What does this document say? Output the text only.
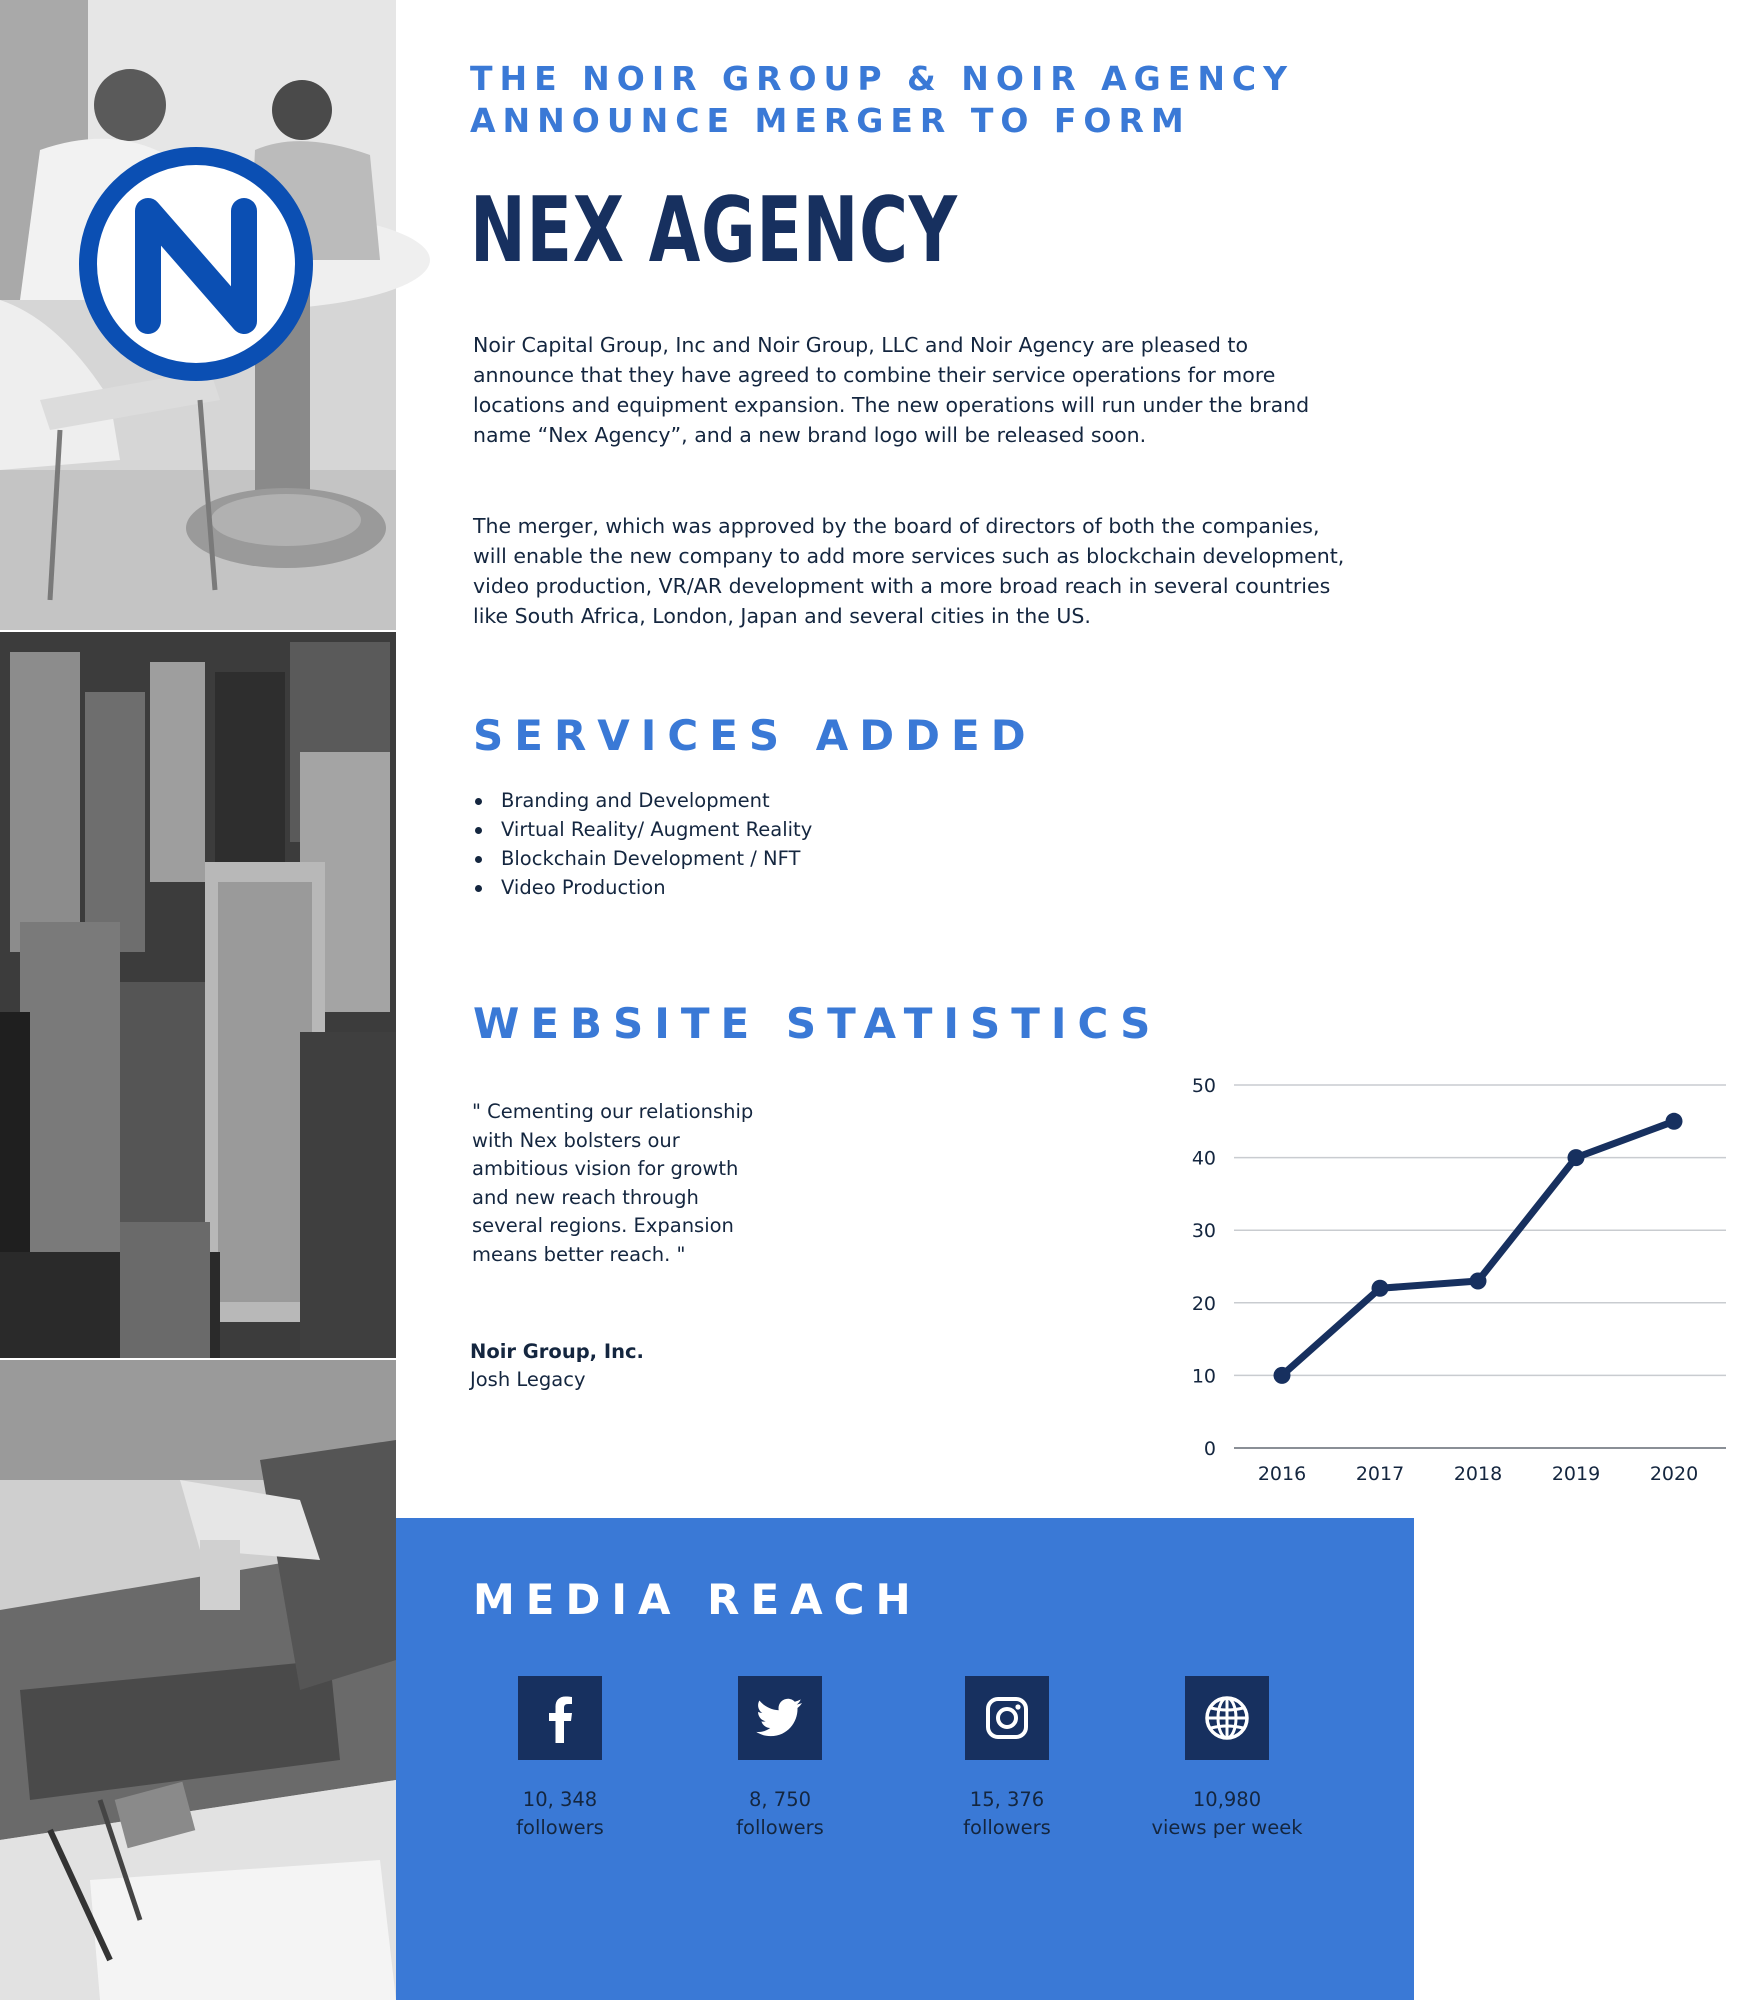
THE NOIR GROUP & NOIR AGENCY ANNOUNCE MERGER TO FORM
NEX AGENCY

Noir Capital Group, Inc and Noir Group, LLC and Noir Agency are pleased to announce that they have agreed to combine their service operations for more locations and equipment expansion. The new operations will run under the brand name “Nex Agency”, and a new brand logo will be released soon.

The merger, which was approved by the board of directors of both the companies, will enable the new company to add more services such as blockchain development, video production, VR/AR development with a more broad reach in several countries like South Africa, London, Japan and several cities in the US.

SERVICES ADDED
Branding and Development
Virtual Reality/ Augment Reality
Blockchain Development / NFT
Video Production
WEBSITE STATISTICS

" Cementing our relationship with Nex bolsters our ambitious vision for growth and new reach through several regions. Expansion means better reach. "

Noir Group, Inc.
Josh Legacy
0
10
20
30
40
50
2016	2017	2018	2019	2020
MEDIA REACH
10, 348
followers
8, 750
followers
15, 376
followers
10,980
views per week
